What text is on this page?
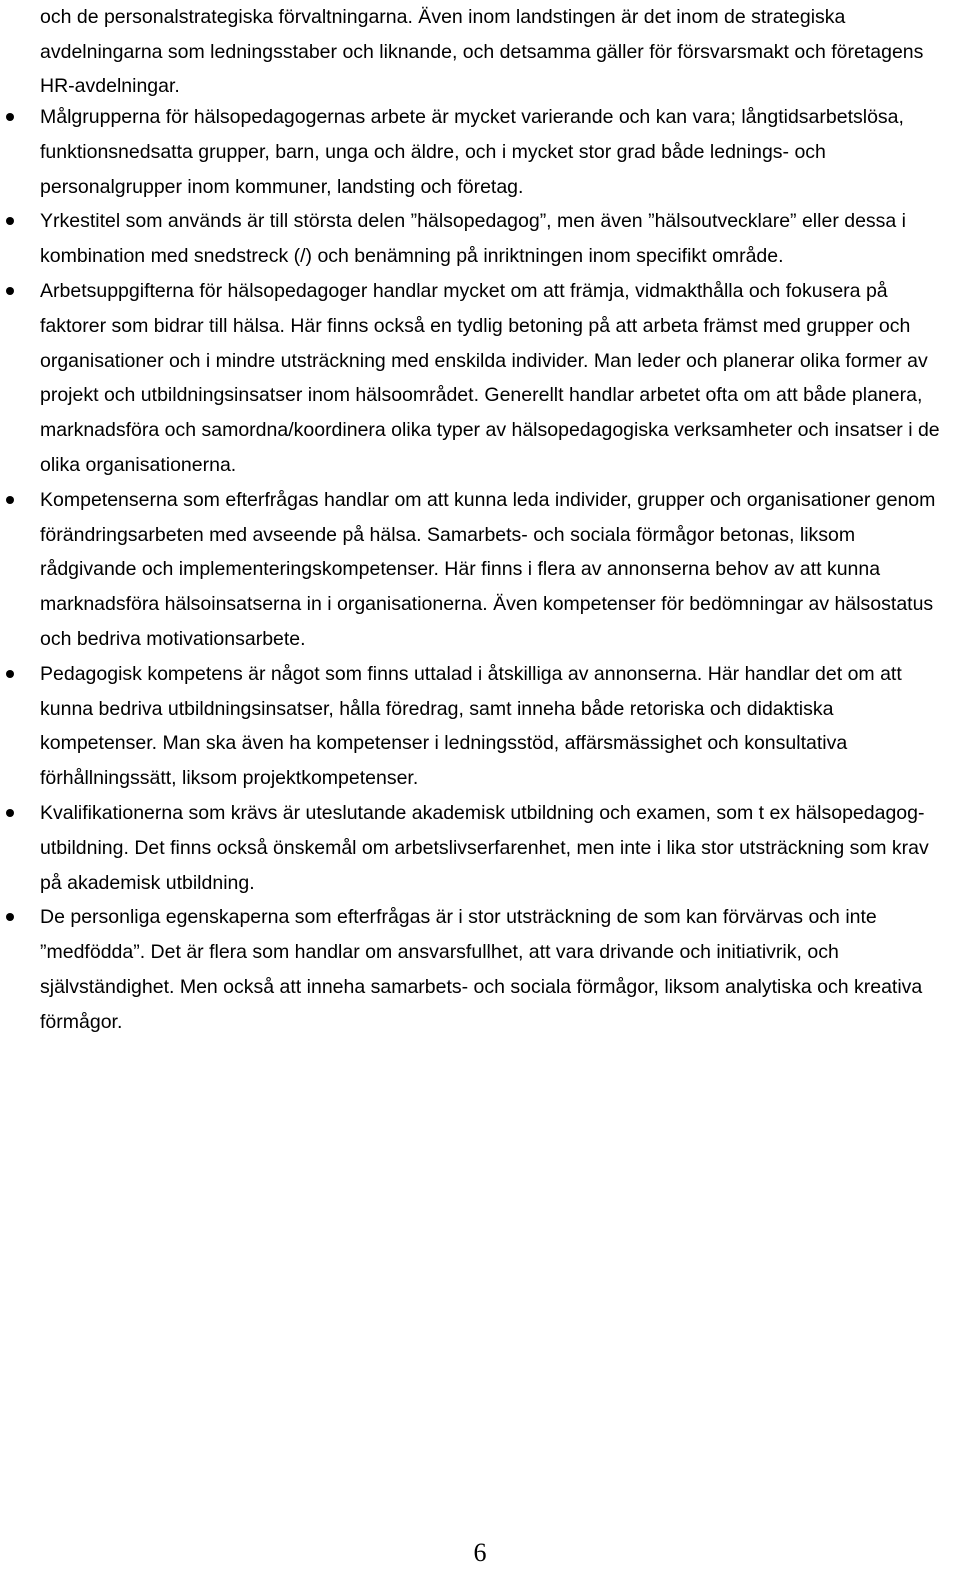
och de personalstrategiska förvaltningarna. Även inom landstingen är det inom de strategiska avdelningarna som ledningsstaber och liknande, och detsamma gäller för försvarsmakt och företagens HR-avdelningar.

Målgrupperna för hälsopedagogernas arbete är mycket varierande och kan vara; långtidsarbetslösa, funktionsnedsatta grupper, barn, unga och äldre, och i mycket stor grad både lednings- och personalgrupper inom kommuner, landsting och företag.
Yrkestitel som används är till största delen ”hälsopedagog”, men även ”hälsoutvecklare” eller dessa i kombination med snedstreck (/) och benämning på inriktningen inom specifikt område.
Arbetsuppgifterna för hälsopedagoger handlar mycket om att främja, vidmakthålla och fokusera på faktorer som bidrar till hälsa. Här finns också en tydlig betoning på att arbeta främst med grupper och organisationer och i mindre utsträckning med enskilda individer. Man leder och planerar olika former av projekt och utbildningsinsatser inom hälsoområdet. Generellt handlar arbetet ofta om att både planera, marknadsföra och samordna/koordinera olika typer av hälsopedagogiska verksamheter och insatser i de olika organisationerna.
Kompetenserna som efterfrågas handlar om att kunna leda individer, grupper och organisationer genom förändringsarbeten med avseende på hälsa. Samarbets- och sociala förmågor betonas, liksom rådgivande och implementeringskompetenser. Här finns i flera av annonserna behov av att kunna marknadsföra hälsoinsatserna in i organisationerna. Även kompetenser för bedömningar av hälsostatus och bedriva motivationsarbete.
Pedagogisk kompetens är något som finns uttalad i åtskilliga av annonserna. Här handlar det om att kunna bedriva utbildningsinsatser, hålla föredrag, samt inneha både retoriska och didaktiska kompetenser. Man ska även ha kompetenser i ledningsstöd, affärsmässighet och konsultativa förhållningssätt, liksom projektkompetenser.
Kvalifikationerna som krävs är uteslutande akademisk utbildning och examen, som t ex hälsopedagog-utbildning. Det finns också önskemål om arbetslivserfarenhet, men inte i lika stor utsträckning som krav på akademisk utbildning.
De personliga egenskaperna som efterfrågas är i stor utsträckning de som kan förvärvas och inte ”medfödda”. Det är flera som handlar om ansvarsfullhet, att vara drivande och initiativrik, och självständighet. Men också att inneha samarbets- och sociala förmågor, liksom analytiska och kreativa förmågor.
6
